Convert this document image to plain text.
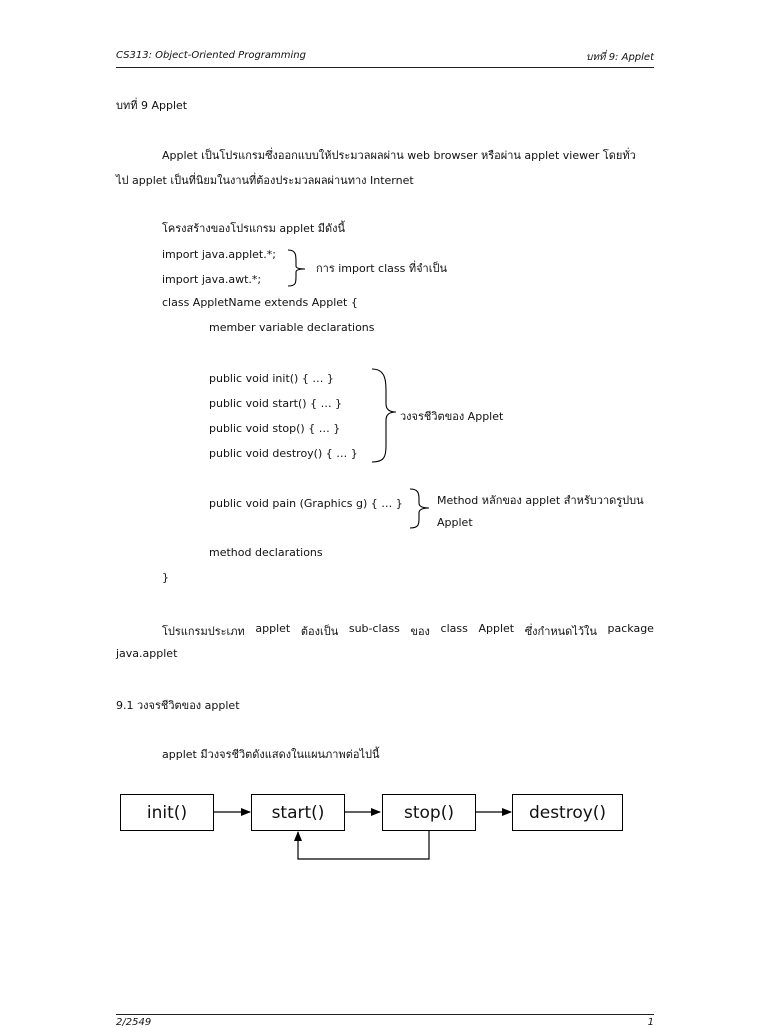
CS313: Object-Oriented Programming	บทที่ 9: Applet
บทที่ 9 Applet
Applet เป็นโปรแกรมซึ่งออกแบบให้ประมวลผลผ่าน web browser หรือผ่าน applet viewer โดยทั่ว
ไป applet เป็นที่นิยมในงานที่ต้องประมวลผลผ่านทาง Internet
โครงสร้างของโปรแกรม applet มีดังนี้
import java.applet.*;
import java.awt.*;
การ import class ที่จำเป็น
class AppletName extends Applet {
member variable declarations
public void init() { … }
public void start() { … }
public void stop() { … }
public void destroy() { … }
วงจรชีวิตของ Applet
public void pain (Graphics g) { … }	Method หลักของ applet สำหรับวาดรูปบน
Applet
method declarations
}
โปรแกรมประเภท applet ต้องเป็น sub-class ของ class Applet ซึ่งกำหนดไว้ใน package
java.applet
9.1 วงจรชีวิตของ applet
applet มีวงจรชีวิตดังแสดงในแผนภาพต่อไปนี้
init()	start()	stop()	destroy()
2/2549	1
